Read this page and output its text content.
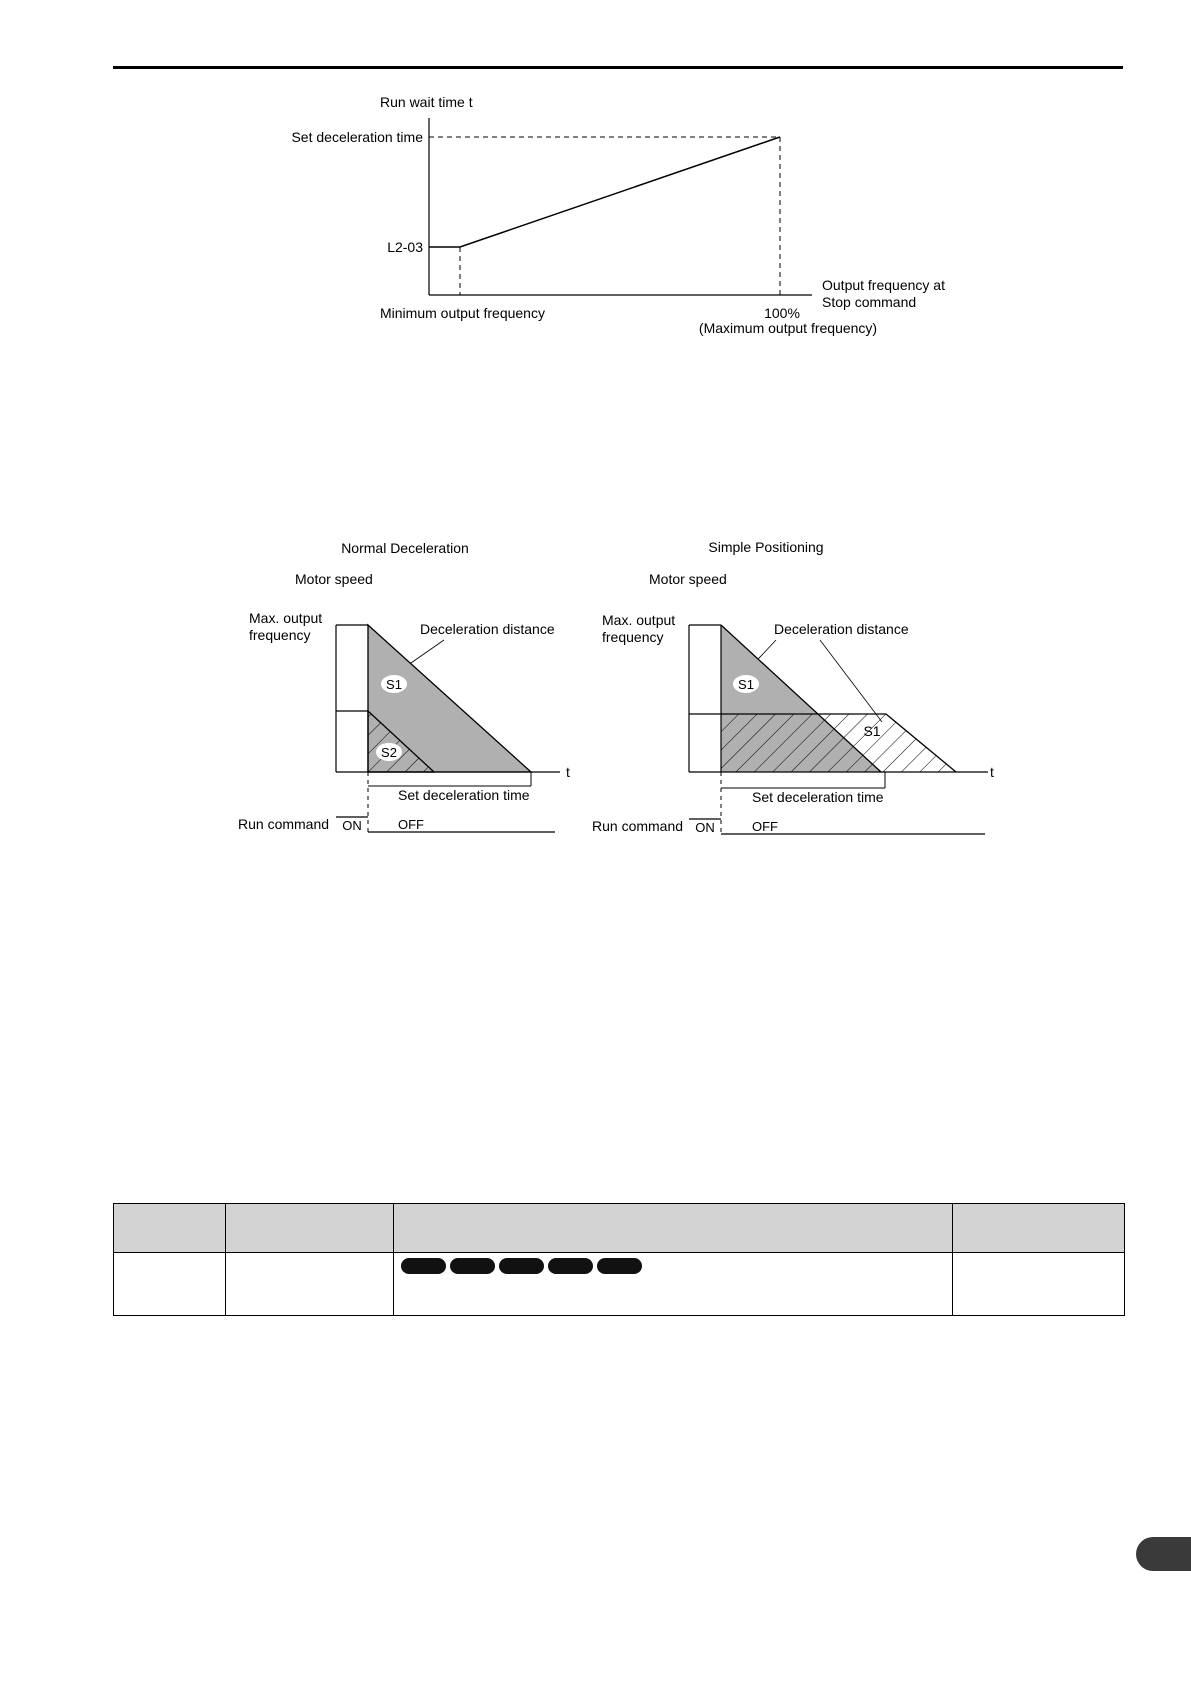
Run wait time t
Set deceleration time
L2-03
Output frequency at
Stop command
Minimum output frequency	100%
(Maximum output frequency)
Normal Deceleration
Motor speed
Max. output
frequency	Deceleration distance
t
S1
S2
Set deceleration time
Run command ON	OFF
Simple Positioning
Motor speed
Max. output
frequency	Deceleration distance
t
S1
S1
Set deceleration time
Run command ON	OFF
